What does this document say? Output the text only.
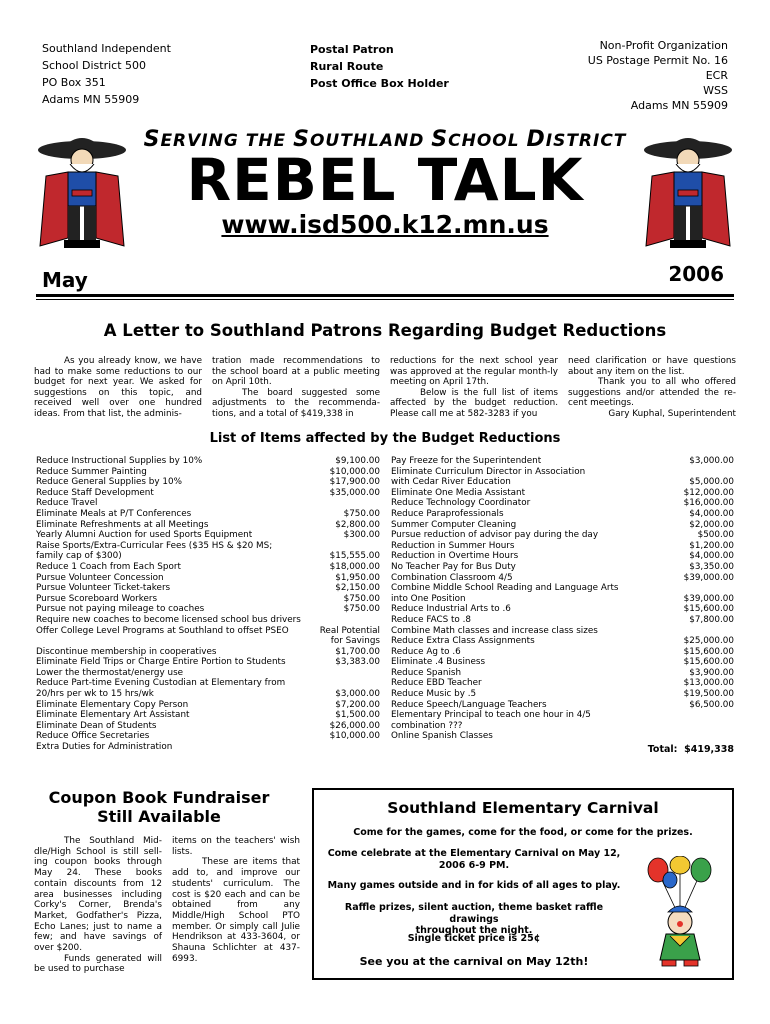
Southland Independent
School District 500
PO Box 351
Adams MN 55909
Postal Patron
Rural Route
Post Office Box Holder
Non-Profit Organization
US Postage Permit No. 16
ECR
WSS
Adams MN 55909
SERVING THE SOUTHLAND SCHOOL DISTRICT
REBEL TALK
www.isd500.k12.mn.us
May	2006
A Letter to Southland Patrons Regarding Budget Reductions

As you already know, we have had to make some reductions to our budget for next year. We asked for suggestions on this topic, and received well over one hundred ideas. From that list, the adminis-

tration made recommendations to the school board at a public meeting on April 10th.

The board suggested some adjustments to the recommenda-tions, and a total of $419,338 in

reductions for the next school year was approved at the regular month-ly meeting on April 17th.

Below is the full list of items affected by the budget reduction. Please call me at 582-3283 if you

need clarification or have questions about any item on the list.

Thank you to all who offered suggestions and/or attended the re-cent meetings.

Gary Kuphal, Superintendent

List of Items affected by the Budget Reductions
Reduce Instructional Supplies by 10%	$9,100.00
Reduce Summer Painting	$10,000.00
Reduce General Supplies by 10%	$17,900.00
Reduce Staff Development	$35,000.00
Reduce Travel
Eliminate Meals at P/T Conferences	$750.00
Eliminate Refreshments at all Meetings	$2,800.00
Yearly Alumni Auction for used Sports Equipment	$300.00
Raise Sports/Extra-Curricular Fees ($35 HS & $20 MS;
family cap of $300)	$15,555.00
Reduce 1 Coach from Each Sport	$18,000.00
Pursue Volunteer Concession	$1,950.00
Pursue Volunteer Ticket-takers	$2,150.00
Pursue Scoreboard Workers	$750.00
Pursue not paying mileage to coaches	$750.00
Require new coaches to become licensed school bus drivers
Offer College Level Programs at Southland to offset PSEO	Real Potential
for Savings
Discontinue membership in cooperatives	$1,700.00
Eliminate Field Trips or Charge Entire Portion to Students	$3,383.00
Lower the thermostat/energy use
Reduce Part-time Evening Custodian at Elementary from
20/hrs per wk to 15 hrs/wk	$3,000.00
Eliminate Elementary Copy Person	$7,200.00
Eliminate Elementary Art Assistant	$1,500.00
Eliminate Dean of Students	$26,000.00
Reduce Office Secretaries	$10,000.00
Extra Duties for Administration
Pay Freeze for the Superintendent	$3,000.00
Eliminate Curriculum Director in Association
with Cedar River Education	$5,000.00
Eliminate One Media Assistant	$12,000.00
Reduce Technology Coordinator	$16,000.00
Reduce Paraprofessionals	$4,000.00
Summer Computer Cleaning	$2,000.00
Pursue reduction of advisor pay during the day	$500.00
Reduction in Summer Hours	$1,200.00
Reduction in Overtime Hours	$4,000.00
No Teacher Pay for Bus Duty	$3,350.00
Combination Classroom 4/5	$39,000.00
Combine Middle School Reading and Language Arts
into One Position	$39,000.00
Reduce Industrial Arts to .6	$15,600.00
Reduce FACS to .8	$7,800.00
Combine Math classes and increase class sizes
Reduce Extra Class Assignments	$25,000.00
Reduce Ag to .6	$15,600.00
Eliminate .4 Business	$15,600.00
Reduce Spanish	$3,900.00
Reduce EBD Teacher	$13,000.00
Reduce Music by .5	$19,500.00
Reduce Speech/Language Teachers	$6,500.00
Elementary Principal to teach one hour in 4/5
combination ???
Online Spanish Classes
Total: $419,338
Coupon Book Fundraiser
Still Available

The Southland Mid-dle/High School is still sell-ing coupon books through May 24. These books contain discounts from 12 area businesses including Corky's Corner, Brenda's Market, Godfather's Pizza, Echo Lanes; just to name a few; and have savings of over $200.

Funds generated will be used to purchase

items on the teachers' wish lists.

These are items that add to, and improve our students' curriculum. The cost is $20 each and can be obtained from any Middle/High School PTO member. Or simply call Julie Hendrikson at 433-3604, or Shauna Schlichter at 437-6993.

Southland Elementary Carnival
Come for the games, come for the food, or come for the prizes.
Come celebrate at the Elementary Carnival on May 12,
2006 6-9 PM.
Many games outside and in for kids of all ages to play.
Raffle prizes, silent auction, theme basket raffle drawings
throughout the night.
Single ticket price is 25¢
See you at the carnival on May 12th!
